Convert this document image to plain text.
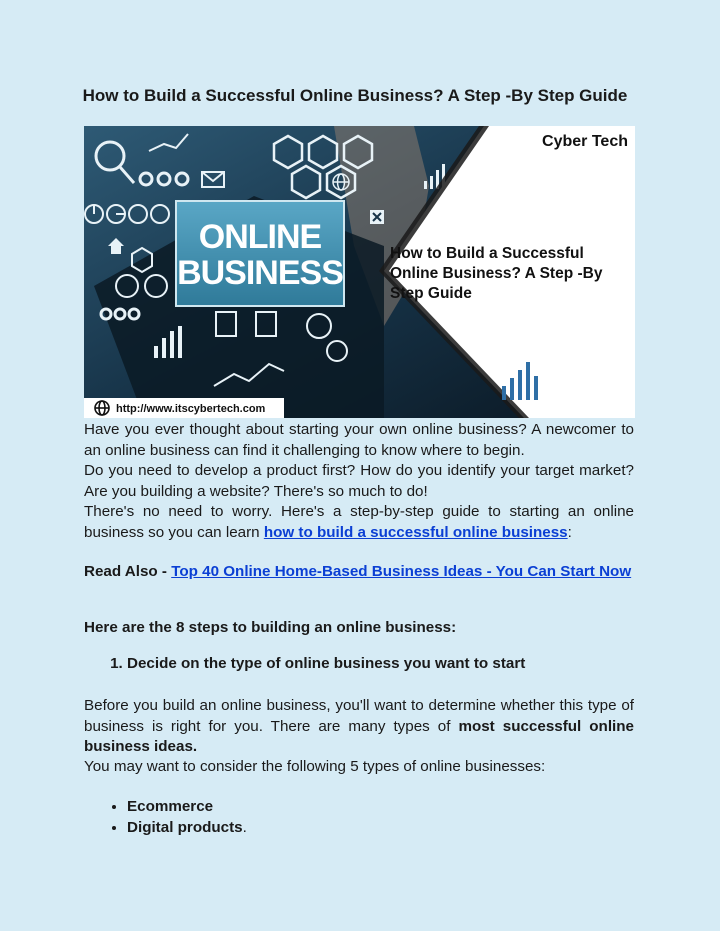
How to Build a Successful Online Business? A Step -By Step Guide
ONLINE
BUSINESS
Cyber Tech
How to Build a Successful
Online Business? A Step -By
Step Guide
http://www.itscybertech.com
Have you ever thought about starting your own online business? A newcomer to an online business can find it challenging to know where to begin.
Do you need to develop a product first? How do you identify your target market? Are you building a website? There's so much to do!
There's no need to worry. Here's a step-by-step guide to starting an online business so you can learn how to build a successful online business:
Read Also - Top 40 Online Home-Based Business Ideas - You Can Start Now
Here are the 8 steps to building an online business:
1. Decide on the type of online business you want to start
Before you build an online business, you'll want to determine whether this type of business is right for you. There are many types of most successful online business ideas.
You may want to consider the following 5 types of online businesses:
• Ecommerce
• Digital products.
